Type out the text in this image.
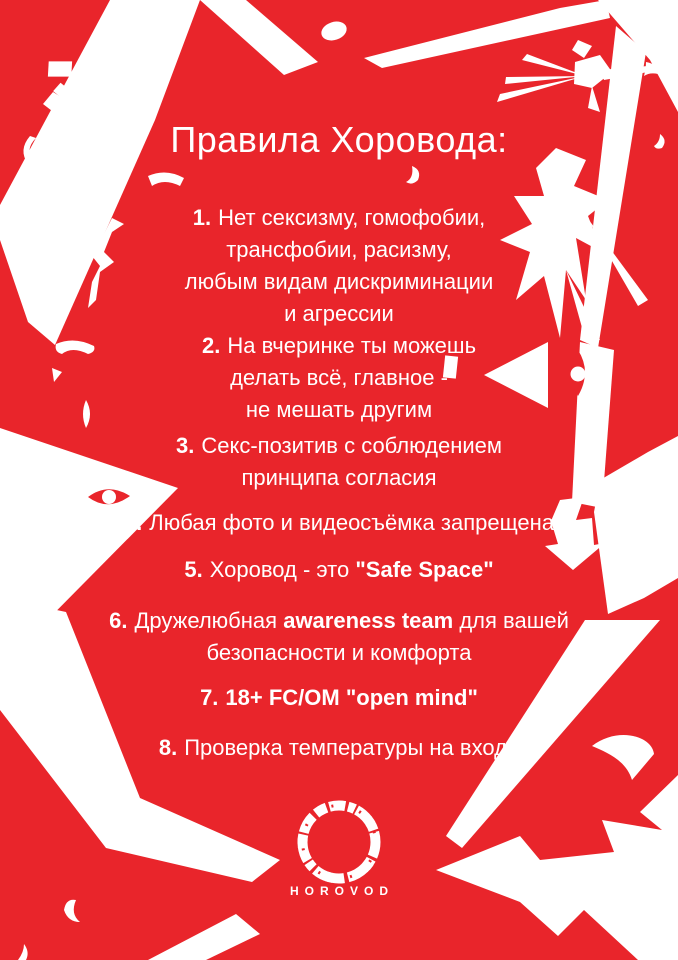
Правила Хоровода:
1. Нет сексизму, гомофобии,
трансфобии, расизму,
любым видам дискриминации
и агрессии
2. На вчеринке ты можешь
делать всё, главное -
не мешать другим
3. Секс-позитив с соблюдением
принципа согласия
4. Любая фото и видеосъёмка запрещена
5. Хоровод - это "Safe Space"
6. Дружелюбная awareness team для вашей
безопасности и комфорта
7. 18+ FC/OM "open mind"
8. Проверка температуры на входе
HOROVOD
